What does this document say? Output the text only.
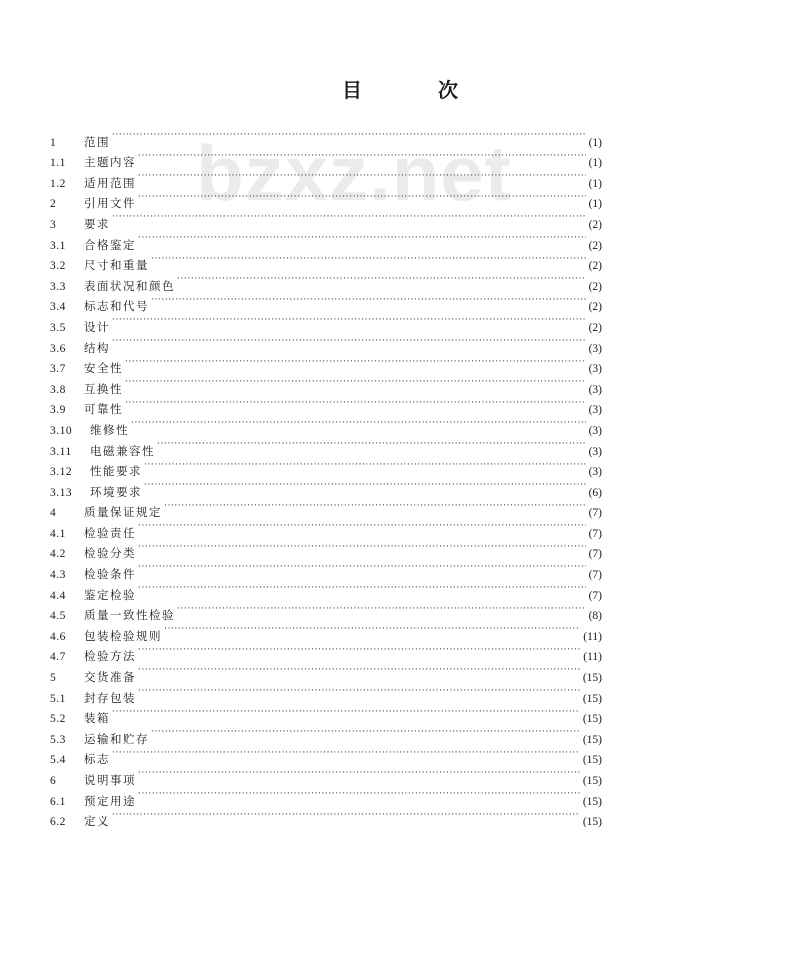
bzxz.net
目次
1	范围 ·····	(1)
1.1	主题内容 ·····	(1)
1.2	适用范围 ·····	(1)
2	引用文件 ·····	(1)
3	要求 ·····	(2)
3.1	合格鉴定 ·····	(2)
3.2	尺寸和重量 ·····	(2)
3.3	表面状况和颜色 ·····	(2)
3.4	标志和代号 ·····	(2)
3.5	设计 ·····	(2)
3.6	结构 ·····	(3)
3.7	安全性 ·····	(3)
3.8	互换性 ·····	(3)
3.9	可靠性 ·····	(3)
3.10	维修性 ·····	(3)
3.11	电磁兼容性 ·····	(3)
3.12	性能要求 ·····	(3)
3.13	环境要求 ·····	(6)
4	质量保证规定 ·····	(7)
4.1	检验责任 ·····	(7)
4.2	检验分类 ·····	(7)
4.3	检验条件 ·····	(7)
4.4	鉴定检验 ·····	(7)
4.5	质量一致性检验 ·····	(8)
4.6	包装检验规则 ·····	(11)
4.7	检验方法 ·····	(11)
5	交货准备 ·····	(15)
5.1	封存包装 ·····	(15)
5.2	装箱 ·····	(15)
5.3	运输和贮存 ·····	(15)
5.4	标志 ·····	(15)
6	说明事项 ·····	(15)
6.1	预定用途 ·····	(15)
6.2	定义 ·····	(15)
